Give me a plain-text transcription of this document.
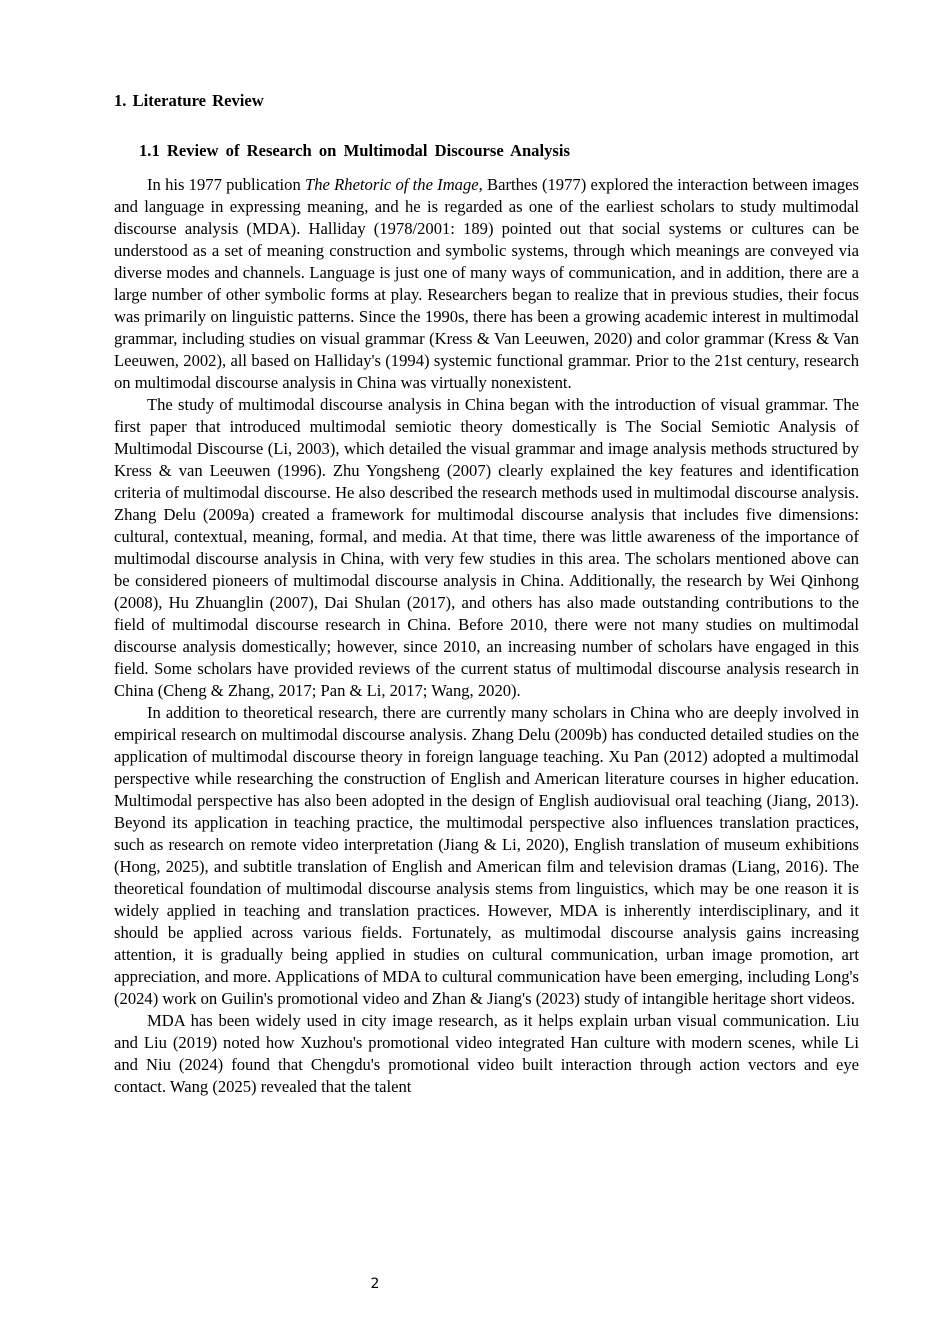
1. Literature Review
1.1 Review of Research on Multimodal Discourse Analysis

In his 1977 publication The Rhetoric of the Image, Barthes (1977) explored the interaction between images and language in expressing meaning, and he is regarded as one of the earliest scholars to study multimodal discourse analysis (MDA). Halliday (1978/2001: 189) pointed out that social systems or cultures can be understood as a set of meaning construction and symbolic systems, through which meanings are conveyed via diverse modes and channels. Language is just one of many ways of communication, and in addition, there are a large number of other symbolic forms at play. Researchers began to realize that in previous studies, their focus was primarily on linguistic patterns. Since the 1990s, there has been a growing academic interest in multimodal grammar, including studies on visual grammar (Kress & Van Leeuwen, 2020) and color grammar (Kress & Van Leeuwen, 2002), all based on Halliday's (1994) systemic functional grammar. Prior to the 21st century, research on multimodal discourse analysis in China was virtually nonexistent.

The study of multimodal discourse analysis in China began with the introduction of visual grammar. The first paper that introduced multimodal semiotic theory domestically is The Social Semiotic Analysis of Multimodal Discourse (Li, 2003), which detailed the visual grammar and image analysis methods structured by Kress & van Leeuwen (1996). Zhu Yongsheng (2007) clearly explained the key features and identification criteria of multimodal discourse. He also described the research methods used in multimodal discourse analysis. Zhang Delu (2009a) created a framework for multimodal discourse analysis that includes five dimensions: cultural, contextual, meaning, formal, and media. At that time, there was little awareness of the importance of multimodal discourse analysis in China, with very few studies in this area. The scholars mentioned above can be considered pioneers of multimodal discourse analysis in China. Additionally, the research by Wei Qinhong (2008), Hu Zhuanglin (2007), Dai Shulan (2017), and others has also made outstanding contributions to the field of multimodal discourse research in China. Before 2010, there were not many studies on multimodal discourse analysis domestically; however, since 2010, an increasing number of scholars have engaged in this field. Some scholars have provided reviews of the current status of multimodal discourse analysis research in China (Cheng & Zhang, 2017; Pan & Li, 2017; Wang, 2020).

In addition to theoretical research, there are currently many scholars in China who are deeply involved in empirical research on multimodal discourse analysis. Zhang Delu (2009b) has conducted detailed studies on the application of multimodal discourse theory in foreign language teaching. Xu Pan (2012) adopted a multimodal perspective while researching the construction of English and American literature courses in higher education. Multimodal perspective has also been adopted in the design of English audiovisual oral teaching (Jiang, 2013). Beyond its application in teaching practice, the multimodal perspective also influences translation practices, such as research on remote video interpretation (Jiang & Li, 2020), English translation of museum exhibitions (Hong, 2025), and subtitle translation of English and American film and television dramas (Liang, 2016). The theoretical foundation of multimodal discourse analysis stems from linguistics, which may be one reason it is widely applied in teaching and translation practices. However, MDA is inherently interdisciplinary, and it should be applied across various fields. Fortunately, as multimodal discourse analysis gains increasing attention, it is gradually being applied in studies on cultural communication, urban image promotion, art appreciation, and more. Applications of MDA to cultural communication have been emerging, including Long's (2024) work on Guilin's promotional video and Zhan & Jiang's (2023) study of intangible heritage short videos.

MDA has been widely used in city image research, as it helps explain urban visual communication. Liu and Liu (2019) noted how Xuzhou's promotional video integrated Han culture with modern scenes, while Li and Niu (2024) found that Chengdu's promotional video built interaction through action vectors and eye contact. Wang (2025) revealed that the talent

2
